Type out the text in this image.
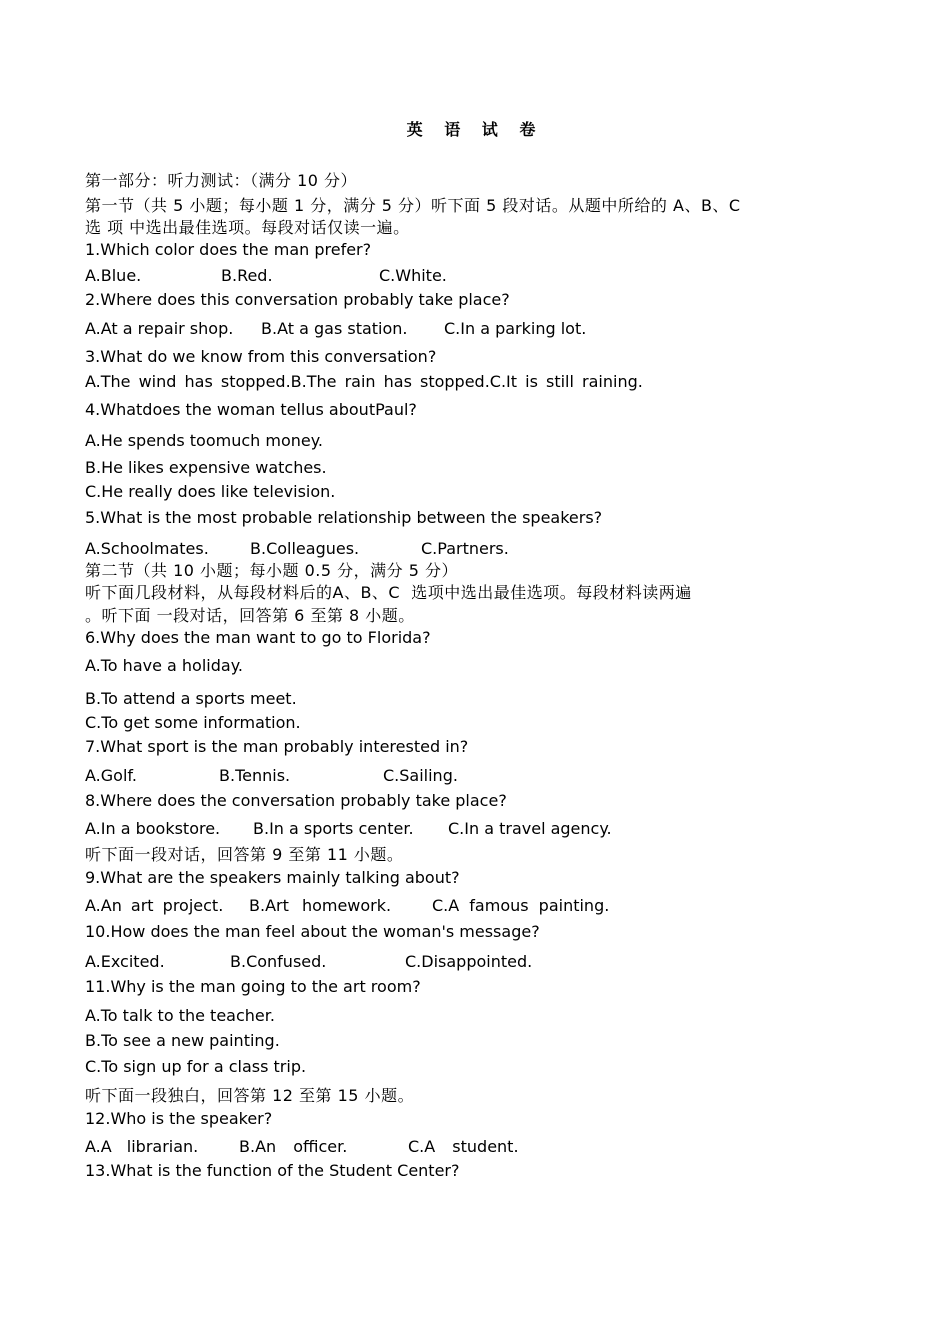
英 语 试 卷
第一部分：听力测试：（满分 10 分）
第一节（共 5 小题；每小题 1 分，满分 5 分）听下面 5 段对话。从题中所给的 A、B、C
选 项 中选出最佳选项。每段对话仅读一遍。
1.Which color does the man prefer?
A.Blue.	B.Red.	C.White.
2.Where does this conversation probably take place?
A.At a repair shop. B.At a gas station. C.In a parking lot.
3.What do we know from this conversation?
A.The wind has stopped.B.The rain has stopped.C.It is still raining.
4.Whatdoes the woman tellus aboutPaul?
A.He spends toomuch money.
B.He likes expensive watches.
C.He really does like television.
5.What is the most probable relationship between the speakers?
A.Schoolmates.	B.Colleagues.	C.Partners.
第二节（共 10 小题；每小题 0.5 分，满分 5 分）
听下面几段材料，从每段材料后的A、B、C  选项中选出最佳选项。每段材料读两遍
。听下面 一段对话，回答第 6 至第 8 小题。
6.Why does the man want to go to Florida?
A.To have a holiday.
B.To attend a sports meet.
C.To get some information.
7.What sport is the man probably interested in?
A.Golf.	B.Tennis.	C.Sailing.
8.Where does the conversation probably take place?
A.In a bookstore. B.In a sports center. C.In a travel agency.
听下面一段对话，回答第 9 至第 11 小题。
9.What are the speakers mainly talking about?
A.An art project. B.Art homework.	C.A famous painting.
10.How does the man feel about the woman's message?
A.Excited.	B.Confused.	C.Disappointed.
11.Why is the man going to the art room?
A.To talk to the teacher.
B.To see a new painting.
C.To sign up for a class trip.
听下面一段独白，回答第 12 至第 15 小题。
12.Who is the speaker?
A.A librarian.	B.An officer.	C.A student.
13.What is the function of the Student Center?
